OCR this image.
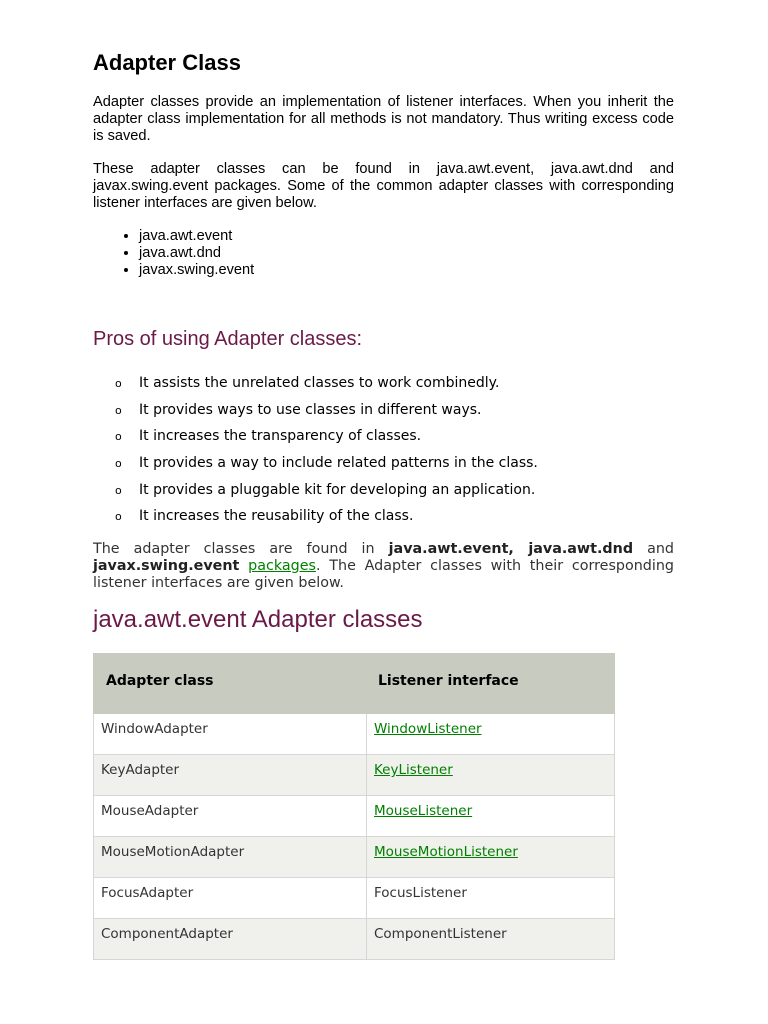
Adapter Class

Adapter classes provide an implementation of listener interfaces. When you inherit the adapter class implementation for all methods is not mandatory. Thus writing excess code is saved.

These adapter classes can be found in java.awt.event, java.awt.dnd and javax.swing.event packages. Some of the common adapter classes with corresponding listener interfaces are given below.

• java.awt.event
• java.awt.dnd
• javax.swing.event
Pros of using Adapter classes:
o It assists the unrelated classes to work combinedly.
o It provides ways to use classes in different ways.
o It increases the transparency of classes.
o It provides a way to include related patterns in the class.
o It provides a pluggable kit for developing an application.
o It increases the reusability of the class.

The adapter classes are found in java.awt.event, java.awt.dnd and javax.swing.event packages. The Adapter classes with their corresponding listener interfaces are given below.

java.awt.event Adapter classes
Adapter class	Listener interface
WindowAdapter	WindowListener
KeyAdapter	KeyListener
MouseAdapter	MouseListener
MouseMotionAdapter	MouseMotionListener
FocusAdapter	FocusListener
ComponentAdapter	ComponentListener
